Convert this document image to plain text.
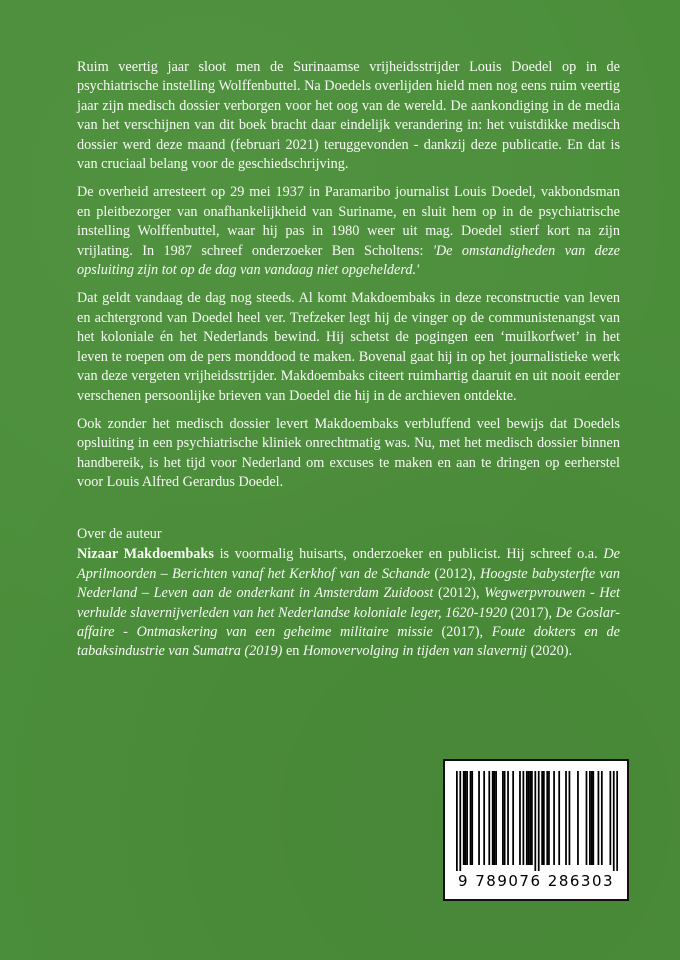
Ruim veertig jaar sloot men de Surinaamse vrijheidsstrijder Louis Doedel op in de psychiatrische instelling Wolffenbuttel. Na Doedels overlijden hield men nog eens ruim veertig jaar zijn medisch dossier verborgen voor het oog van de wereld. De aankondiging in de media van het verschijnen van dit boek bracht daar eindelijk verandering in: het vuistdikke medisch dossier werd deze maand (februari 2021) teruggevonden - dankzij deze publicatie. En dat is van cruciaal belang voor de geschiedschrijving.

De overheid arresteert op 29 mei 1937 in Paramaribo journalist Louis Doedel, vakbondsman en pleitbezorger van onafhankelijkheid van Suriname, en sluit hem op in de psychiatrische instelling Wolffenbuttel, waar hij pas in 1980 weer uit mag. Doedel stierf kort na zijn vrijlating. In 1987 schreef onderzoeker Ben Scholtens: 'De omstandigheden van deze opsluiting zijn tot op de dag van vandaag niet opgehelderd.'

Dat geldt vandaag de dag nog steeds. Al komt Makdoembaks in deze reconstructie van leven en achtergrond van Doedel heel ver. Trefzeker legt hij de vinger op de communistenangst van het koloniale én het Nederlands bewind. Hij schetst de pogingen een ‘muilkorfwet’ in het leven te roepen om de pers monddood te maken. Bovenal gaat hij in op het journalistieke werk van deze vergeten vrijheidsstrijder. Makdoembaks citeert ruimhartig daaruit en uit nooit eerder verschenen persoonlijke brieven van Doedel die hij in de archieven ontdekte.

Ook zonder het medisch dossier levert Makdoembaks verbluffend veel bewijs dat Doedels opsluiting in een psychiatrische kliniek onrechtmatig was. Nu, met het medisch dossier binnen handbereik, is het tijd voor Nederland om excuses te maken en aan te dringen op eerherstel voor Louis Alfred Gerardus Doedel.

Over de auteur

Nizaar Makdoembaks is voormalig huisarts, onderzoeker en publicist. Hij schreef o.a. De Aprilmoorden – Berichten vanaf het Kerkhof van de Schande (2012), Hoogste babysterfte van Nederland – Leven aan de onderkant in Amsterdam Zuidoost (2012), Wegwerpvrouwen - Het verhulde slavernijverleden van het Nederlandse koloniale leger, 1620-1920 (2017), De Goslar-affaire - Ontmaskering van een geheime militaire missie (2017), Foute dokters en de tabaksindustrie van Sumatra (2019) en Homovervolging in tijden van slavernij (2020).

9 789076 286303
